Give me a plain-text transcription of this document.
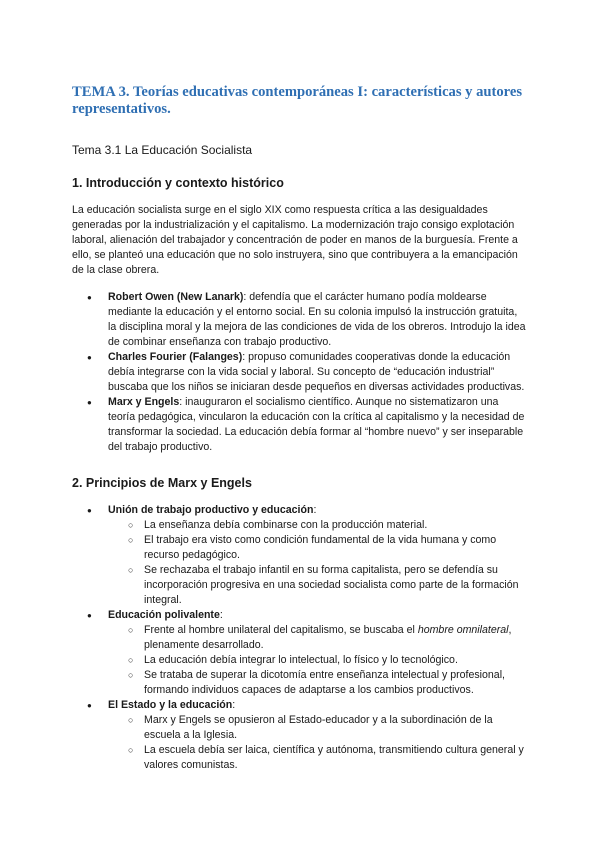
TEMA 3. Teorías educativas contemporáneas I: características y autores representativos.
Tema 3.1 La Educación Socialista
1. Introducción y contexto histórico
La educación socialista surge en el siglo XIX como respuesta crítica a las desigualdades generadas por la industrialización y el capitalismo. La modernización trajo consigo explotación laboral, alienación del trabajador y concentración de poder en manos de la burguesía. Frente a ello, se planteó una educación que no solo instruyera, sino que contribuyera a la emancipación de la clase obrera.
● Robert Owen (New Lanark): defendía que el carácter humano podía moldearse mediante la educación y el entorno social. En su colonia impulsó la instrucción gratuita, la disciplina moral y la mejora de las condiciones de vida de los obreros. Introdujo la idea de combinar enseñanza con trabajo productivo.
● Charles Fourier (Falanges): propuso comunidades cooperativas donde la educación debía integrarse con la vida social y laboral. Su concepto de “educación industrial” buscaba que los niños se iniciaran desde pequeños en diversas actividades productivas.
● Marx y Engels: inauguraron el socialismo científico. Aunque no sistematizaron una teoría pedagógica, vincularon la educación con la crítica al capitalismo y la necesidad de transformar la sociedad. La educación debía formar al “hombre nuevo” y ser inseparable del trabajo productivo.
2. Principios de Marx y Engels
● Unión de trabajo productivo y educación:
○ La enseñanza debía combinarse con la producción material.
○ El trabajo era visto como condición fundamental de la vida humana y como recurso pedagógico.
○ Se rechazaba el trabajo infantil en su forma capitalista, pero se defendía su incorporación progresiva en una sociedad socialista como parte de la formación integral.
● Educación polivalente:
○ Frente al hombre unilateral del capitalismo, se buscaba el hombre omnilateral, plenamente desarrollado.
○ La educación debía integrar lo intelectual, lo físico y lo tecnológico.
○ Se trataba de superar la dicotomía entre enseñanza intelectual y profesional, formando individuos capaces de adaptarse a los cambios productivos.
● El Estado y la educación:
○ Marx y Engels se opusieron al Estado-educador y a la subordinación de la escuela a la Iglesia.
○ La escuela debía ser laica, científica y autónoma, transmitiendo cultura general y valores comunistas.
